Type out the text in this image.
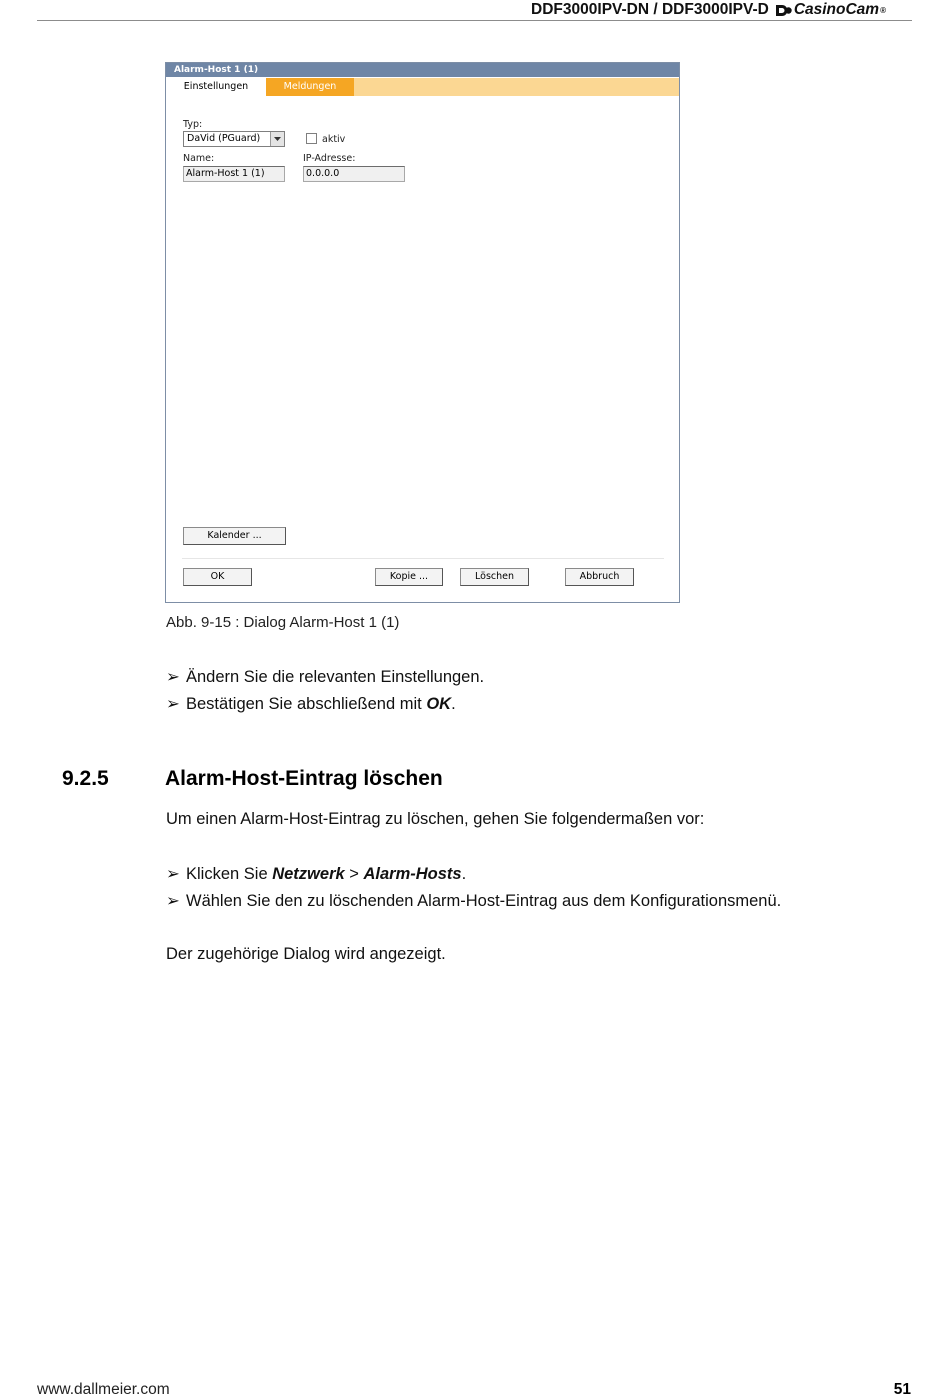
DDF3000IPV-DN / DDF3000IPV-D CasinoCam ®
Alarm-Host 1 (1)
Einstellungen	Meldungen
Typ:
DaVid (PGuard)	aktiv
Name:
Alarm-Host 1 (1)
IP-Adresse:
0.0.0.0
Kalender ...
OK	Kopie ...	Löschen	Abbruch
Abb. 9-15 : Dialog Alarm-Host 1 (1)
➢ Ändern Sie die relevanten Einstellungen.
➢ Bestätigen Sie abschließend mit OK.
9.2.5	Alarm-Host-Eintrag löschen
Um einen Alarm-Host-Eintrag zu löschen, gehen Sie folgendermaßen vor:
➢ Klicken Sie Netzwerk > Alarm-Hosts.
➢ Wählen Sie den zu löschenden Alarm-Host-Eintrag aus dem Konfigurationsmenü.
Der zugehörige Dialog wird angezeigt.
www.dallmeier.com	51
